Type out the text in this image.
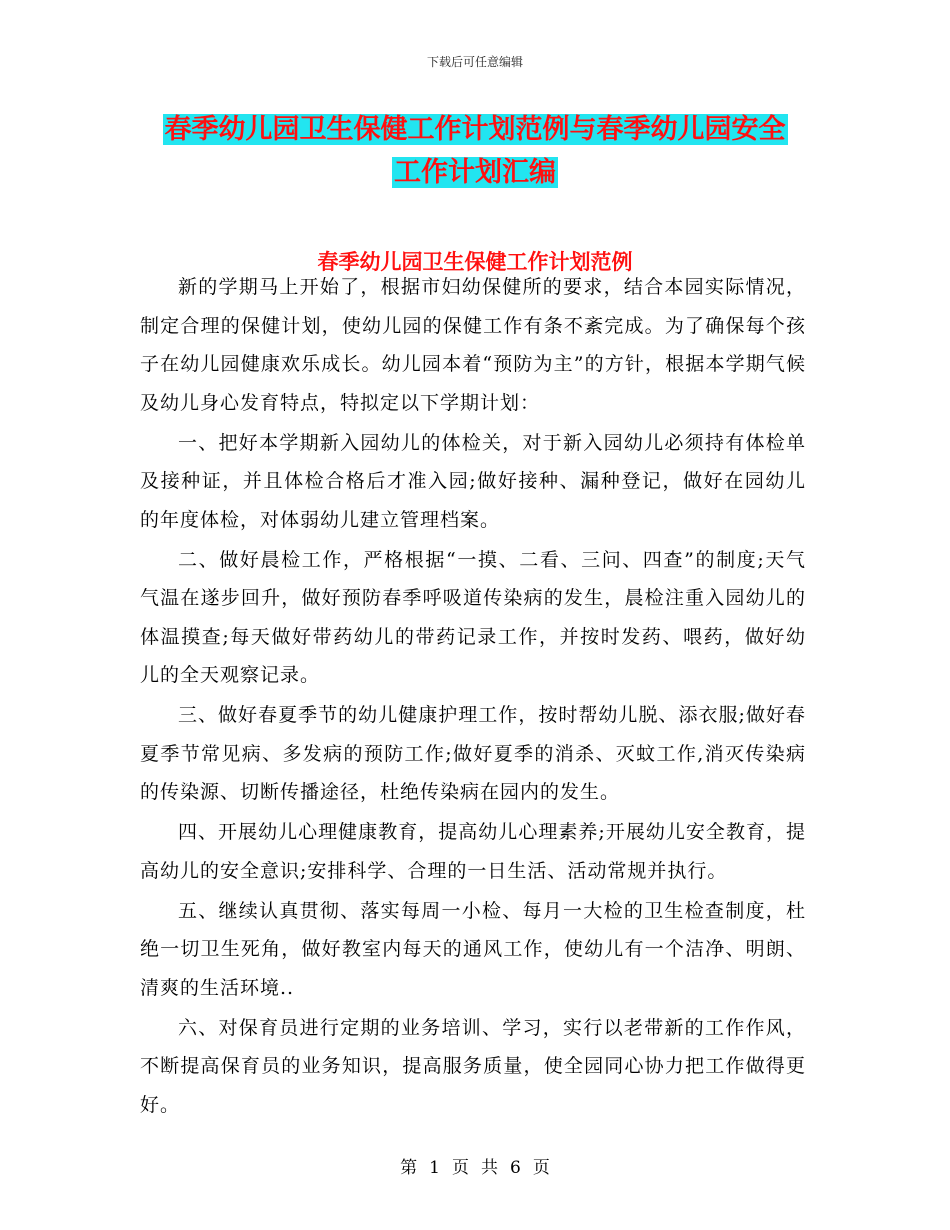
下载后可任意编辑
春季幼儿园卫生保健工作计划范例与春季幼儿园安全
工作计划汇编
春季幼儿园卫生保健工作计划范例

新的学期马上开始了，根据市妇幼保健所的要求，结合本园实际情况，制定合理的保健计划，使幼儿园的保健工作有条不紊完成。为了确保每个孩子在幼儿园健康欢乐成长。幼儿园本着“预防为主”的方针，根据本学期气候及幼儿身心发育特点，特拟定以下学期计划：

一、把好本学期新入园幼儿的体检关，对于新入园幼儿必须持有体检单及接种证，并且体检合格后才准入园;做好接种、漏种登记，做好在园幼儿的年度体检，对体弱幼儿建立管理档案。

二、做好晨检工作，严格根据“一摸、二看、三问、四查”的制度;天气气温在遂步回升，做好预防春季呼吸道传染病的发生，晨检注重入园幼儿的体温摸查;每天做好带药幼儿的带药记录工作，并按时发药、喂药，做好幼儿的全天观察记录。

三、做好春夏季节的幼儿健康护理工作，按时帮幼儿脱、添衣服;做好春夏季节常见病、多发病的预防工作;做好夏季的消杀、灭蚊工作,消灭传染病的传染源、切断传播途径，杜绝传染病在园内的发生。

四、开展幼儿心理健康教育，提高幼儿心理素养;开展幼儿安全教育，提高幼儿的安全意识;安排科学、合理的一日生活、活动常规并执行。

五、继续认真贯彻、落实每周一小检、每月一大检的卫生检查制度，杜绝一切卫生死角，做好教室内每天的通风工作，使幼儿有一个洁净、明朗、清爽的生活环境..

六、对保育员进行定期的业务培训、学习，实行以老带新的工作作风，不断提高保育员的业务知识，提高服务质量，使全园同心协力把工作做得更好。

第 1 页 共 6 页
